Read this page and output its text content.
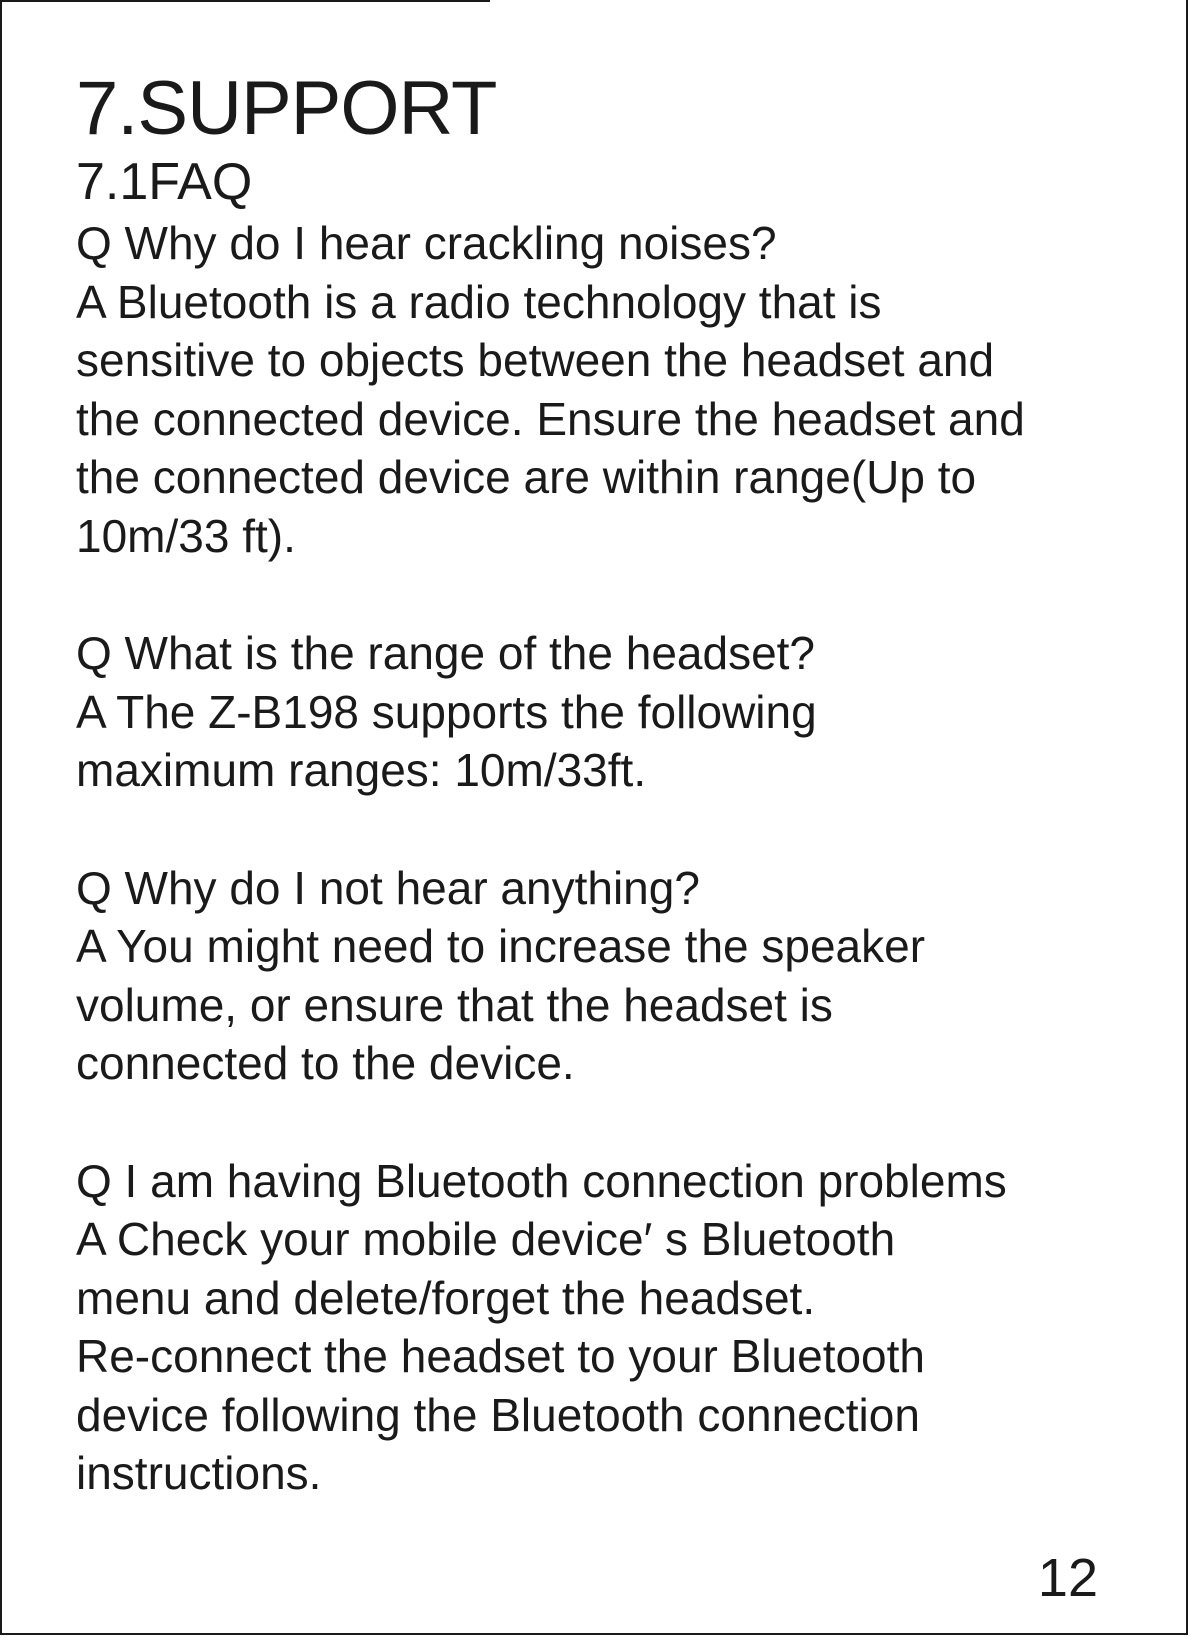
7.SUPPORT
7.1FAQ
Q Why do I hear crackling noises?
A Bluetooth is a radio technology that is
sensitive to objects between the headset and
the connected device. Ensure the headset and
the connected device are within range(Up to
10m/33 ft).
Q What is the range of the headset?
A The Z-B198 supports the following
maximum ranges: 10m/33ft.
Q Why do I not hear anything?
A You might need to increase the speaker
volume, or ensure that the headset is
connected to the device.
Q I am having Bluetooth connection problems
A Check your mobile device′ s Bluetooth
menu and delete/forget the headset.
Re-connect the headset to your Bluetooth
device following the Bluetooth connection
instructions.
12
